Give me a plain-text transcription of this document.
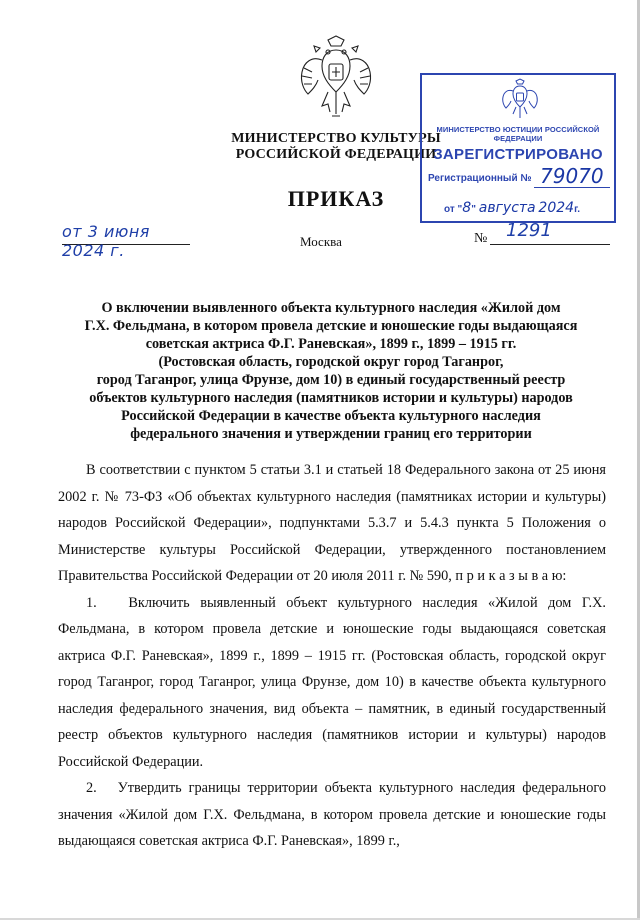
МИНИСТЕРСТВО КУЛЬТУРЫ
РОССИЙСКОЙ ФЕДЕРАЦИИ
ПРИКАЗ
от 3 июня 2024 г.	Москва	№ 1291
МИНИСТЕРСТВО ЮСТИЦИИ РОССИЙСКОЙ ФЕДЕРАЦИИ
ЗАРЕГИСТРИРОВАНО
Регистрационный № 79070
от "8" августа 2024г.
О включении выявленного объекта культурного наследия «Жилой дом
Г.Х. Фельдмана, в котором провела детские и юношеские годы выдающаяся
советская актриса Ф.Г. Раневская», 1899 г., 1899 – 1915 гг.
(Ростовская область, городской округ город Таганрог,
город Таганрог, улица Фрунзе, дом 10) в единый государственный реестр
объектов культурного наследия (памятников истории и культуры) народов
Российской Федерации в качестве объекта культурного наследия
федерального значения и утверждении границ его территории

В соответствии с пунктом 5 статьи 3.1 и статьей 18 Федерального закона от 25 июня 2002 г. № 73-ФЗ «Об объектах культурного наследия (памятниках истории и культуры) народов Российской Федерации», подпунктами 5.3.7 и 5.4.3 пункта 5 Положения о Министерстве культуры Российской Федерации, утвержденного постановлением Правительства Российской Федерации от 20 июля 2011 г. № 590, п р и к а з ы в а ю:

1.   Включить выявленный объект культурного наследия «Жилой дом Г.Х. Фельдмана, в котором провела детские и юношеские годы выдающаяся советская актриса Ф.Г. Раневская», 1899 г., 1899 – 1915 гг. (Ростовская область, городской округ город Таганрог, город Таганрог, улица Фрунзе, дом 10) в качестве объекта культурного наследия федерального значения, вид объекта – памятник, в единый государственный реестр объектов культурного наследия (памятников истории и культуры) народов Российской Федерации.

2.   Утвердить границы территории объекта культурного наследия федерального значения «Жилой дом Г.Х. Фельдмана, в котором провела детские и юношеские годы выдающаяся советская актриса Ф.Г. Раневская», 1899 г.,
